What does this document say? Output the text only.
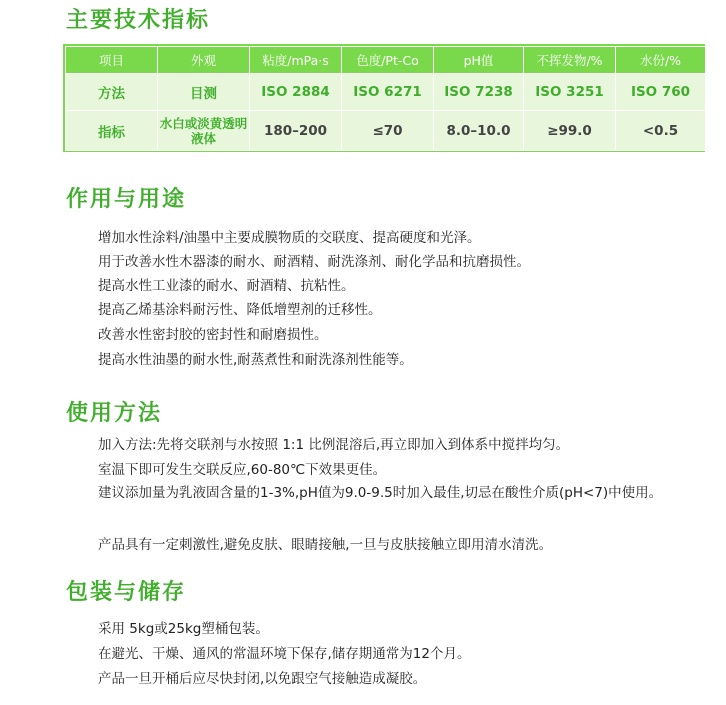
主要技术指标
项目	外观	粘度/mPa·s	色度/Pt-Co	pH值	不挥发物/%	水份/%
方法	目测	ISO 2884	ISO 6271	ISO 7238	ISO 3251	ISO 760
指标	水白或淡黄透明液体	180–200	≤70	8.0–10.0	≥99.0	<0.5
作用与用途

增加水性涂料/油墨中主要成膜物质的交联度、提高硬度和光泽。

用于改善水性木器漆的耐水、耐酒精、耐洗涤剂、耐化学品和抗磨损性。

提高水性工业漆的耐水、耐酒精、抗粘性。

提高乙烯基涂料耐污性、降低增塑剂的迁移性。

改善水性密封胶的密封性和耐磨损性。

提高水性油墨的耐水性,耐蒸煮性和耐洗涤剂性能等。

使用方法

加入方法:先将交联剂与水按照 1:1 比例混溶后,再立即加入到体系中搅拌均匀。

室温下即可发生交联反应,60-80℃下效果更佳。

建议添加量为乳液固含量的1-3%,pH值为9.0-9.5时加入最佳,切忌在酸性介质(pH<7)中使用。

产品具有一定刺激性,避免皮肤、眼睛接触,一旦与皮肤接触立即用清水清洗。

包装与储存

采用 5kg或25kg塑桶包装。

在避光、干燥、通风的常温环境下保存,储存期通常为12个月。

产品一旦开桶后应尽快封闭,以免跟空气接触造成凝胶。
